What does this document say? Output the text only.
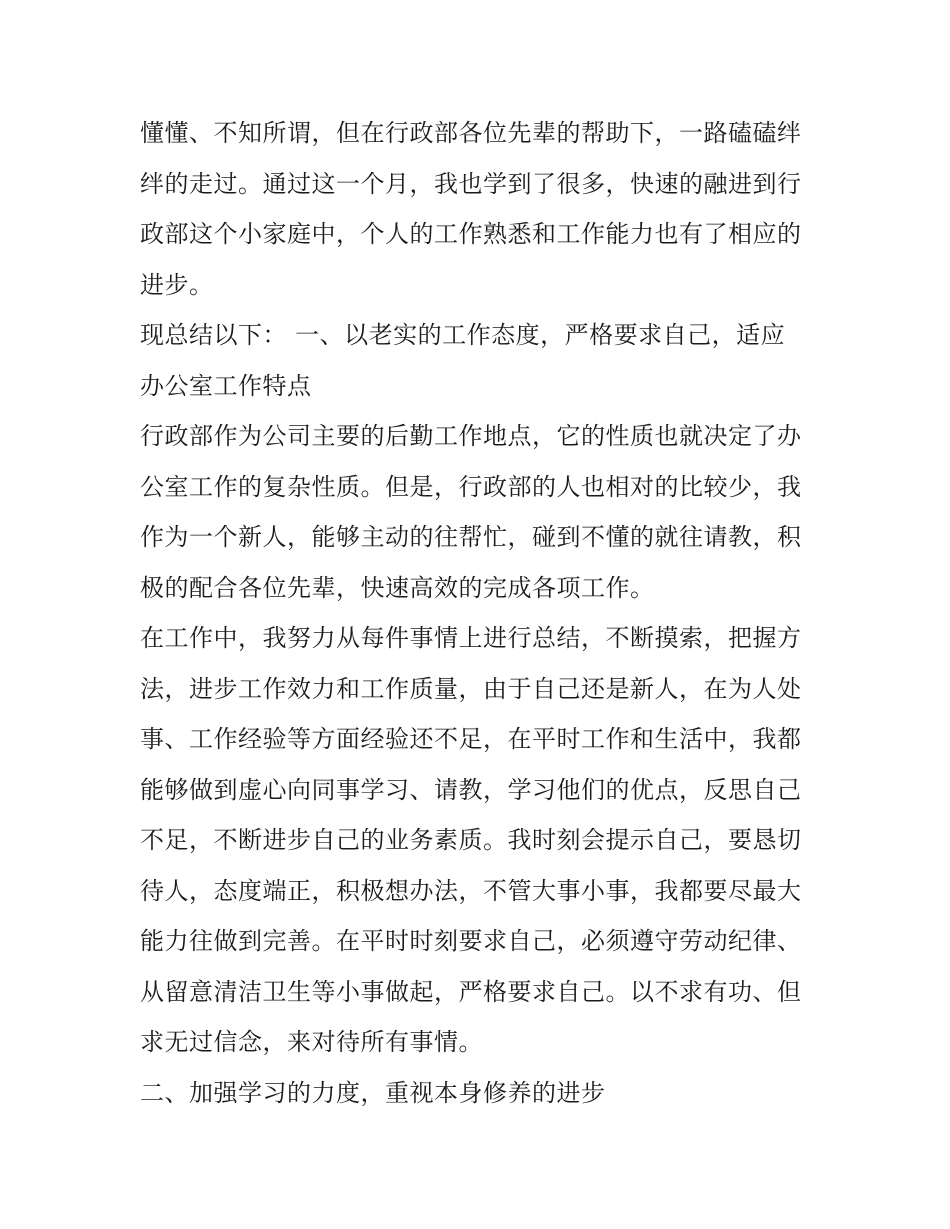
懂懂、不知所谓，但在行政部各位先辈的帮助下，一路磕磕绊
绊的走过。通过这一个月，我也学到了很多，快速的融进到行
政部这个小家庭中，个人的工作熟悉和工作能力也有了相应的
进步。
现总结以下： 一、以老实的工作态度，严格要求自己，适应
办公室工作特点
行政部作为公司主要的后勤工作地点，它的性质也就决定了办
公室工作的复杂性质。但是，行政部的人也相对的比较少，我
作为一个新人，能够主动的往帮忙，碰到不懂的就往请教，积
极的配合各位先辈，快速高效的完成各项工作。
在工作中，我努力从每件事情上进行总结，不断摸索，把握方
法，进步工作效力和工作质量，由于自己还是新人，在为人处
事、工作经验等方面经验还不足，在平时工作和生活中，我都
能够做到虚心向同事学习、请教，学习他们的优点，反思自己
不足，不断进步自己的业务素质。我时刻会提示自己，要恳切
待人，态度端正，积极想办法，不管大事小事，我都要尽最大
能力往做到完善。在平时时刻要求自己，必须遵守劳动纪律、
从留意清洁卫生等小事做起，严格要求自己。以不求有功、但
求无过信念，来对待所有事情。
二、加强学习的力度，重视本身修养的进步
